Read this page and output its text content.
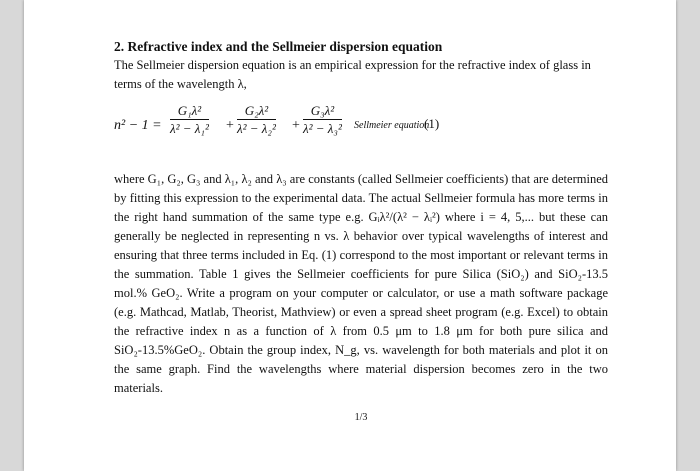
2. Refractive index and the Sellmeier dispersion equation

The Sellmeier dispersion equation is an empirical expression for the refractive index of glass in terms of the wavelength λ,

$n^2 - 1 = \frac{\text{G₁λ²}}{\text{λ² − λ₁²}} + \frac{\text{G₂λ²}}{\text{λ² − λ₂²}} + \frac{\text{G₃λ²}}{\text{λ² − λ₃²}}$ Sellmeier equation
(1)

where G₁, G₂, G₃ and λ₁, λ₂ and λ₃ are constants (called Sellmeier coefficients) that are determined by fitting this expression to the experimental data. The actual Sellmeier formula has more terms in the right hand summation of the same type e.g. Gᵢλ²/(λ² − λᵢ²) where i = 4, 5,... but these can generally be neglected in representing n vs. λ behavior over typical wavelengths of interest and ensuring that three terms included in Eq. (1) correspond to the most important or relevant terms in the summation. Table 1 gives the Sellmeier coefficients for pure Silica (SiO₂) and SiO₂-13.5 mol.% GeO₂. Write a program on your computer or calculator, or use a math software package (e.g. Mathcad, Matlab, Theorist, Mathview) or even a spread sheet program (e.g. Excel) to obtain the refractive index n as a function of λ from 0.5 μm to 1.8 μm for both pure silica and SiO₂-13.5%GeO₂. Obtain the group index, N_g, vs. wavelength for both materials and plot it on the same graph. Find the wavelengths where material dispersion becomes zero in the two materials.

1/3
